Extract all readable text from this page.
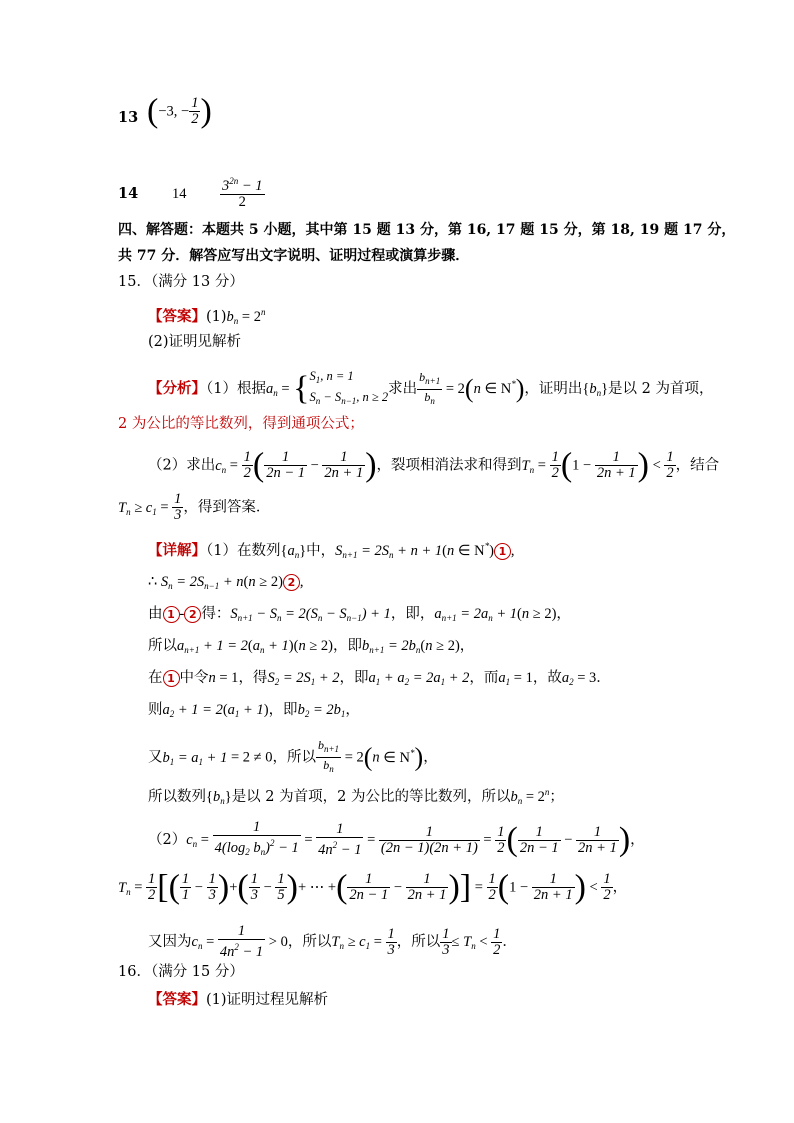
13 (−3, − $\frac{1}{2}$ )
14 $14 \frac{3^{2n} - 1}{2}$
四、解答题：本题共 5 小题，其中第 15 题 13 分，第 16, 17 题 15 分，第 18, 19 题 17 分，
共 77 分．解答应写出文字说明、证明过程或演算步骤．
15．（满分 13 分）
【答案】$(1)b_n = 2^n$
(2)证明见解析
【分析】（1）根据$a_n$ = { $S_1$, n = 1
$S_n - S_{n-1}$, n ≥ 2 求出 $\frac{b_{n+1}}{b_n} = 2(n$ ∈ N*)，证明出$\{b_n\}$是以 2 为首项，
2 为公比的等比数列，得到通项公式；
（2）求出$c_n = \frac{1}{2}$ ( $\frac{1}{2n - 1} - \frac{1}{2n + 1}$ )，裂项相消法求和得到$T_n = \frac{1}{2} (1 - \frac{1}{2n + 1}$ ) < $\frac{1}{2}$ ，结合
$T_n \ge c_1 = \frac{1}{3}$ ，得到答案．
【详解】（1）在数列$\{a_n\}$中，$S_{n+1} = 2S_n + n + 1(n$ ∈ N*) 1 ,
∴ $S_n = 2S_{n-1} + n(n \ge 2)$ 2 ,
由 1 - 2 得：$S_{n+1} - S_n = 2(S_n - S_{n-1}) + 1$，即，$a_{n+1} = 2a_n + 1(n \ge 2)$，
所以$a_{n+1} + 1 = 2(a_n + 1)(n \ge 2)$，即$b_{n+1} = 2b_n(n \ge 2)$，
在 1 中令n = 1，得$S_2 = 2S_1 + 2$，即$a_1 + a_2 = 2a_1 + 2$，而$a_1 = 1$，故$a_2 = 3$．
则$a_2 + 1 = 2(a_1 + 1)$，即$b_2 = 2b_1$，
又$b_1 = a_1 + 1 = 2 \ne 0$，所以 $\frac{b_{n+1}}{b_n} = 2(n$ ∈ N*)，
所以数列$\{b_n\}$是以 2 为首项，2 为公比的等比数列，所以$b_n = 2^n$；
$(2)c_n = \frac{1}{4(\log_2 b_n)^2 - 1} = \frac{1}{4n^2 - 1} = \frac{1}{(2n - 1)(2n + 1)} = \frac{1}{2}$ ( $\frac{1}{2n - 1} - \frac{1}{2n + 1}$ )，
$T_n = \frac{1}{2}$ [( $\frac{1}{1} - \frac{1}{3}$ )+( $\frac{1}{3} - \frac{1}{5}$ )+ ⋯ +( $\frac{1}{2n - 1} - \frac{1}{2n + 1}$ )] = $\frac{1}{2} (1 - \frac{1}{2n + 1}$ ) < $\frac{1}{2}$ ，
又因为$c_n = \frac{1}{4n^2 - 1} > 0$，所以$T_n \ge c_1 = \frac{1}{3}$ ，所以 $\frac{1}{3} \le T_n < \frac{1}{2}$ ．
16．（满分 15 分）
【答案】(1)证明过程见解析
